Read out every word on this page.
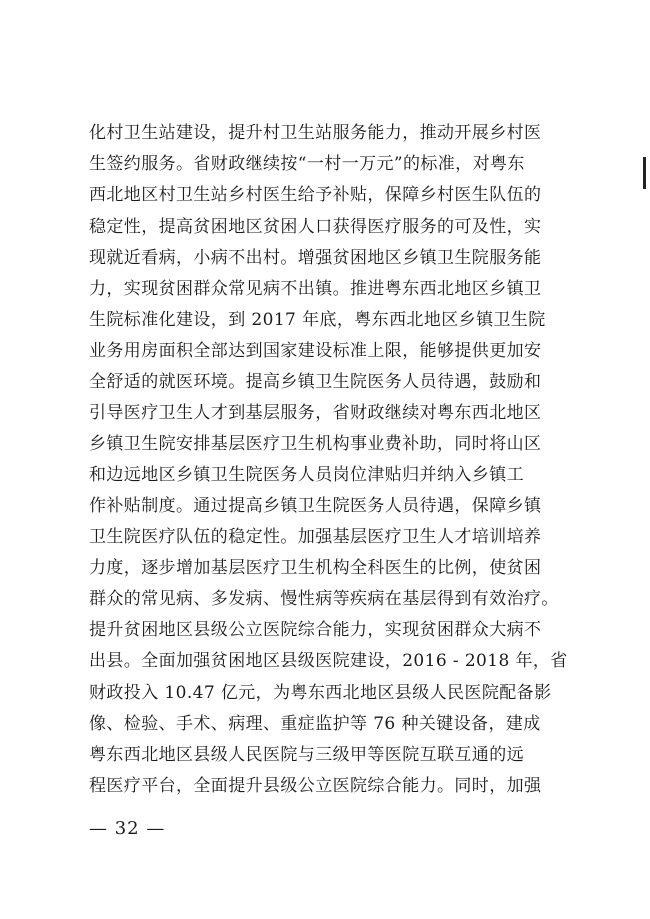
化村卫生站建设，提升村卫生站服务能力，推动开展乡村医
生签约服务。省财政继续按“一村一万元”的标准，对粤东
西北地区村卫生站乡村医生给予补贴，保障乡村医生队伍的
稳定性，提高贫困地区贫困人口获得医疗服务的可及性，实
现就近看病，小病不出村。增强贫困地区乡镇卫生院服务能
力，实现贫困群众常见病不出镇。推进粤东西北地区乡镇卫
生院标准化建设，到 2017 年底，粤东西北地区乡镇卫生院
业务用房面积全部达到国家建设标准上限，能够提供更加安
全舒适的就医环境。提高乡镇卫生院医务人员待遇，鼓励和
引导医疗卫生人才到基层服务，省财政继续对粤东西北地区
乡镇卫生院安排基层医疗卫生机构事业费补助，同时将山区
和边远地区乡镇卫生院医务人员岗位津贴归并纳入乡镇工
作补贴制度。通过提高乡镇卫生院医务人员待遇，保障乡镇
卫生院医疗队伍的稳定性。加强基层医疗卫生人才培训培养
力度，逐步增加基层医疗卫生机构全科医生的比例，使贫困
群众的常见病、多发病、慢性病等疾病在基层得到有效治疗。
提升贫困地区县级公立医院综合能力，实现贫困群众大病不
出县。全面加强贫困地区县级医院建设，2016 - 2018 年，省
财政投入 10.47 亿元，为粤东西北地区县级人民医院配备影
像、检验、手术、病理、重症监护等 76 种关键设备，建成
粤东西北地区县级人民医院与三级甲等医院互联互通的远
程医疗平台，全面提升县级公立医院综合能力。同时，加强
— 32 —
